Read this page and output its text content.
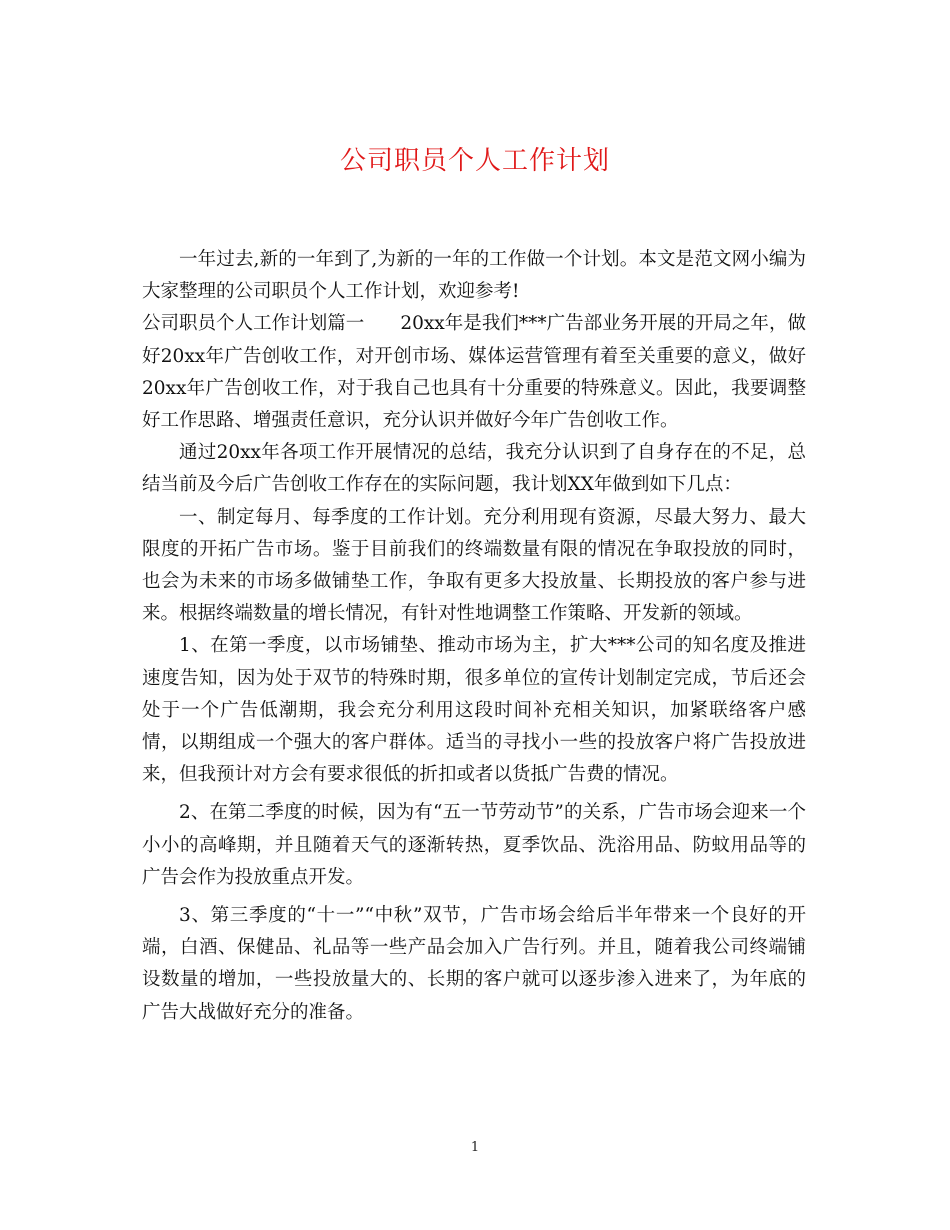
公司职员个人工作计划

一年过去,新的一年到了,为新的一年的工作做一个计划。本文是范文网小编为大家整理的公司职员个人工作计划，欢迎参考!

公司职员个人工作计划篇一 20xx年是我们***广告部业务开展的开局之年，做好20xx年广告创收工作，对开创市场、媒体运营管理有着至关重要的意义，做好20xx年广告创收工作，对于我自己也具有十分重要的特殊意义。因此，我要调整好工作思路、增强责任意识，充分认识并做好今年广告创收工作。

通过20xx年各项工作开展情况的总结，我充分认识到了自身存在的不足，总结当前及今后广告创收工作存在的实际问题，我计划XX年做到如下几点：

一、制定每月、每季度的工作计划。充分利用现有资源，尽最大努力、最大限度的开拓广告市场。鉴于目前我们的终端数量有限的情况在争取投放的同时，也会为未来的市场多做铺垫工作，争取有更多大投放量、长期投放的客户参与进来。根据终端数量的增长情况，有针对性地调整工作策略、开发新的领域。

1、在第一季度，以市场铺垫、推动市场为主，扩大***公司的知名度及推进速度告知，因为处于双节的特殊时期，很多单位的宣传计划制定完成，节后还会处于一个广告低潮期，我会充分利用这段时间补充相关知识，加紧联络客户感情，以期组成一个强大的客户群体。适当的寻找小一些的投放客户将广告投放进来，但我预计对方会有要求很低的折扣或者以货抵广告费的情况。

2、在第二季度的时候，因为有“五一节劳动节”的关系，广告市场会迎来一个小小的高峰期，并且随着天气的逐渐转热，夏季饮品、洗浴用品、防蚊用品等的广告会作为投放重点开发。

3、第三季度的“十一”“中秋”双节，广告市场会给后半年带来一个良好的开端，白酒、保健品、礼品等一些产品会加入广告行列。并且，随着我公司终端铺设数量的增加，一些投放量大的、长期的客户就可以逐步渗入进来了，为年底的广告大战做好充分的准备。

1
